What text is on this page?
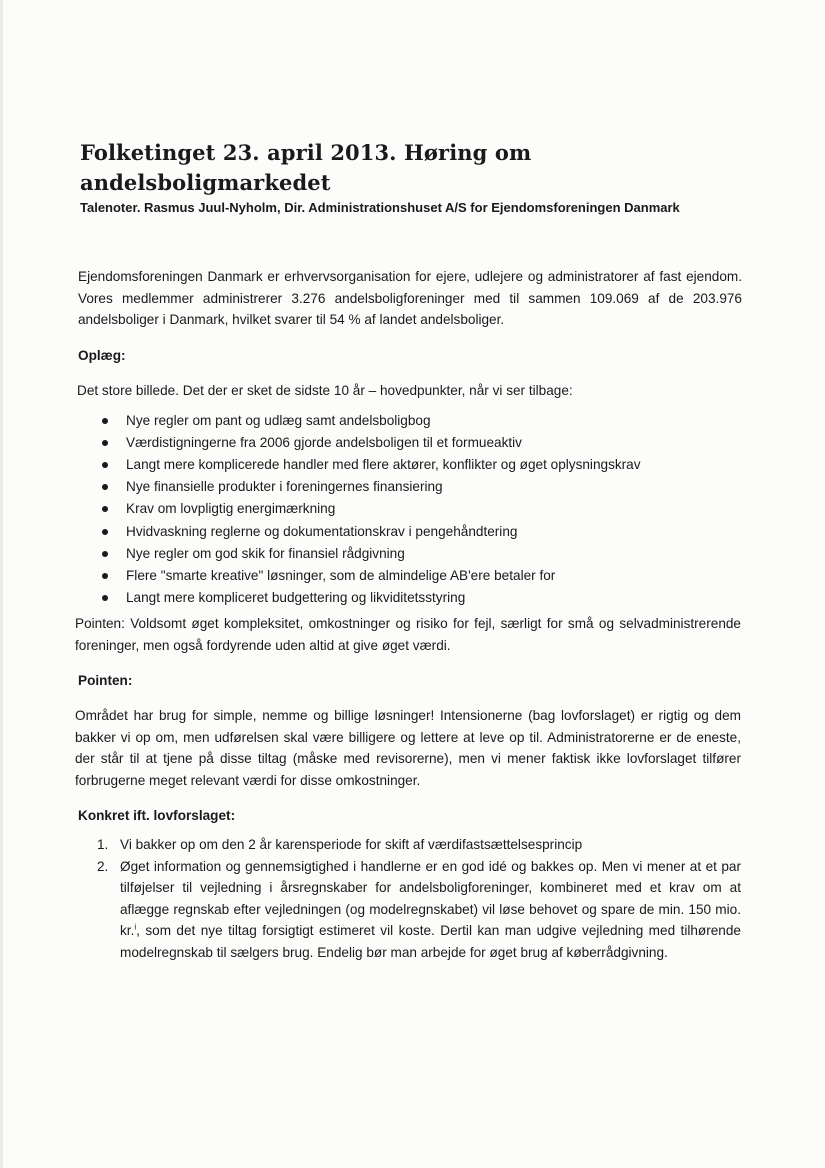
Folketinget 23. april 2013. Høring om andelsboligmarkedet
Talenoter. Rasmus Juul-Nyholm, Dir. Administrationshuset A/S for Ejendomsforeningen Danmark

Ejendomsforeningen Danmark er erhvervsorganisation for ejere, udlejere og administratorer af fast ejendom. Vores medlemmer administrerer 3.276 andelsboligforeninger med til sammen 109.069 af de 203.976 andelsboliger i Danmark, hvilket svarer til 54 % af landet andelsboliger.

Oplæg:
Det store billede. Det der er sket de sidste 10 år – hovedpunkter, når vi ser tilbage:
Nye regler om pant og udlæg samt andelsboligbog
Værdistigningerne fra 2006 gjorde andelsboligen til et formueaktiv
Langt mere komplicerede handler med flere aktører, konflikter og øget oplysningskrav
Nye finansielle produkter i foreningernes finansiering
Krav om lovpligtig energimærkning
Hvidvaskning reglerne og dokumentationskrav i pengehåndtering
Nye regler om god skik for finansiel rådgivning
Flere "smarte kreative" løsninger, som de almindelige AB'ere betaler for
Langt mere kompliceret budgettering og likviditetsstyring

Pointen: Voldsomt øget kompleksitet, omkostninger og risiko for fejl, særligt for små og selvadministrerende foreninger, men også fordyrende uden altid at give øget værdi.

Pointen:

Området har brug for simple, nemme og billige løsninger! Intensionerne (bag lovforslaget) er rigtig og dem bakker vi op om, men udførelsen skal være billigere og lettere at leve op til. Administratorerne er de eneste, der står til at tjene på disse tiltag (måske med revisorerne), men vi mener faktisk ikke lovforslaget tilfører forbrugerne meget relevant værdi for disse omkostninger.

Konkret ift. lovforslaget:
1. Vi bakker op om den 2 år karensperiode for skift af værdifastsættelsesprincip
2. Øget information og gennemsigtighed i handlerne er en god idé og bakkes op. Men vi mener at et par tilføjelser til vejledning i årsregnskaber for andelsboligforeninger, kombineret med et krav om at aflægge regnskab efter vejledningen (og modelregnskabet) vil løse behovet og spare de min. 150 mio. kr.$^i$, som det nye tiltag forsigtigt estimeret vil koste. Dertil kan man udgive vejledning med tilhørende modelregnskab til sælgers brug. Endelig bør man arbejde for øget brug af køberrådgivning.
